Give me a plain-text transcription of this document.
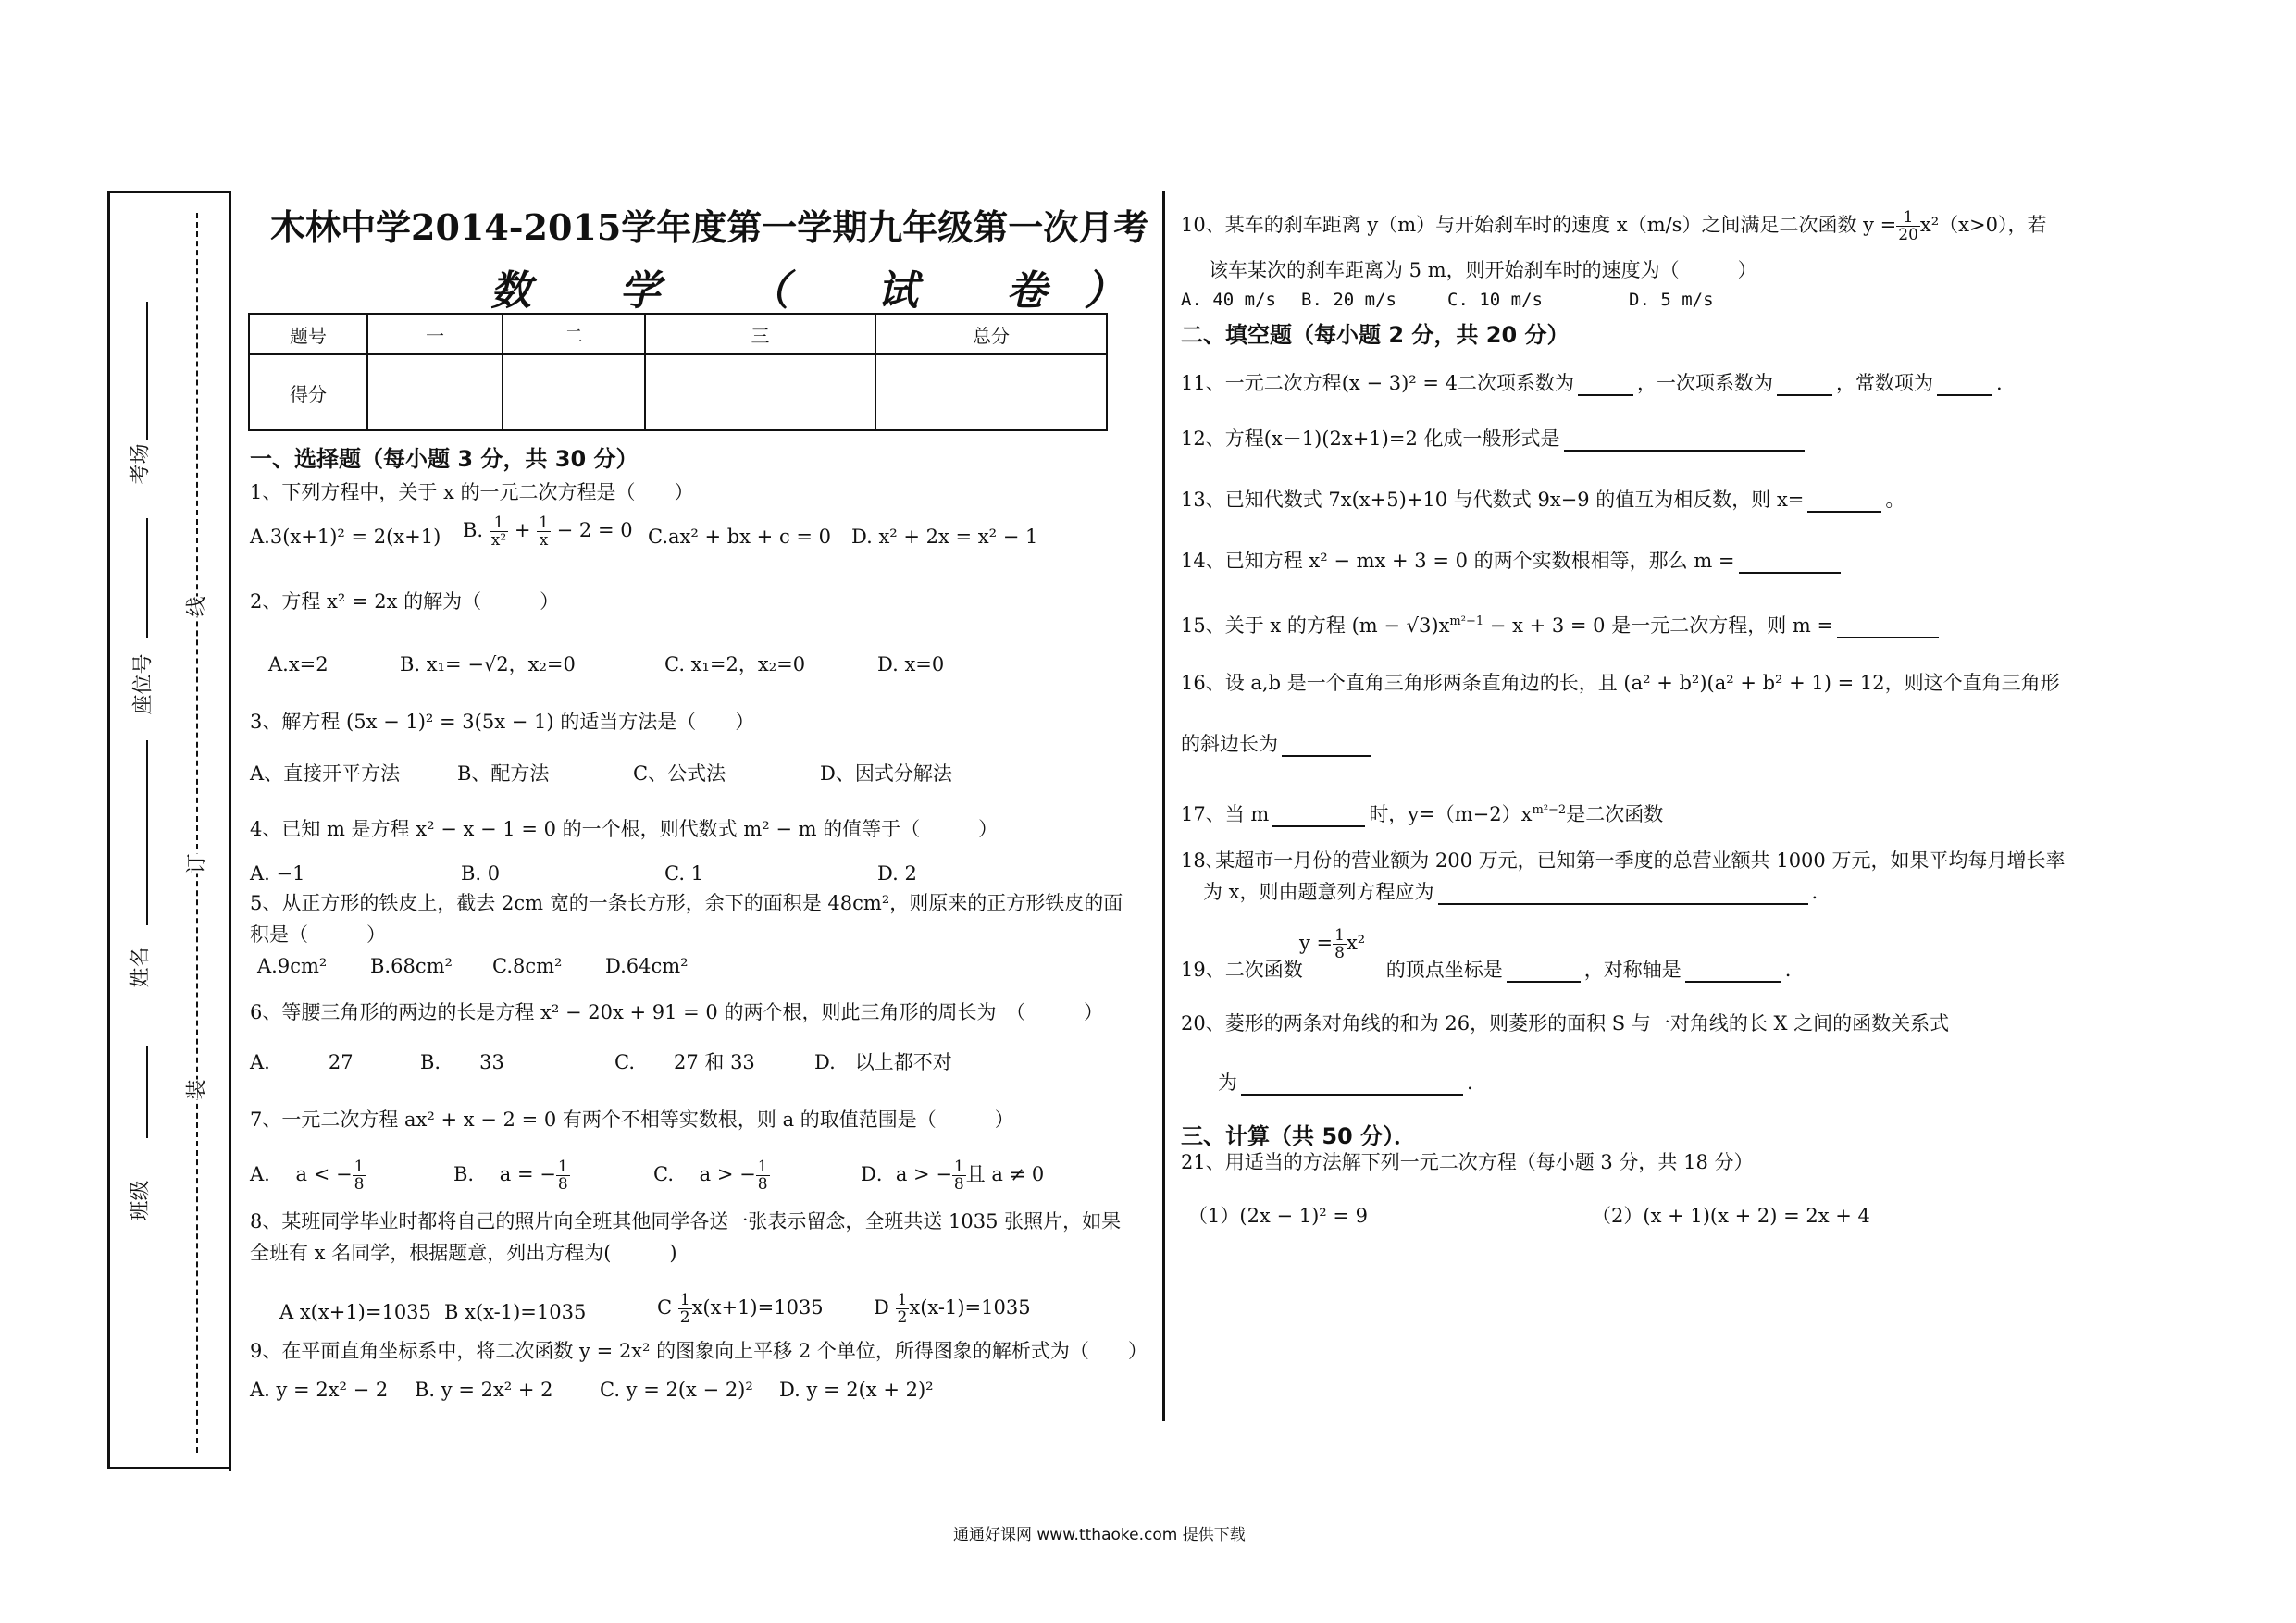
考场
座位号
姓名
班级
线
订
装
木林中学2014-2015学年度第一学期九年级第一次月考
数 学 （ 试 卷）
题号	一	二	三	总分
得分				
一、选择题（每小题 3 分，共 30 分）
1、下列方程中，关于 x 的一元二次方程是（　　）
A.3(x+1)² = 2(x+1) B. $\frac{1}{\text{x²}} + \frac{1}{x} - 2 = 0$ C.ax² + bx + c = 0 D. x² + 2x = x² − 1
2、方程 x² = 2x 的解为（　　　）
A.x=2	B. x₁= −√2，x₂=0	C. x₁=2，x₂=0	D. x=0
3、解方程 (5x − 1)² = 3(5x − 1) 的适当方法是（　　）
A、直接开平方法	B、配方法	C、公式法	D、因式分解法
4、已知 m 是方程 x² − x − 1 = 0 的一个根，则代数式 m² − m 的值等于（　　　）
A. −1	B. 0	C. 1	D. 2
5、从正方形的铁皮上，截去 2cm 宽的一条长方形，余下的面积是 48cm²，则原来的正方形铁皮的面
积是（　　　）
A.9cm² B.68cm² C.8cm² D.64cm²
6、等腰三角形的两边的长是方程 x² − 20x + 91 = 0 的两个根，则此三角形的周长为　（　　　）
A.　　　27	B.　　33	C.　　27 和 33	D.　以上都不对
7、一元二次方程 ax² + x − 2 = 0 有两个不相等实数根，则 a 的取值范围是（　　　）
A.　 a < − $\frac{1}{8}$	B.　 a = − $\frac{1}{8}$	C.　 a > − $\frac{1}{8}$	D．a > − $\frac{1}{8}$ 且 a ≠ 0
8、某班同学毕业时都将自己的照片向全班其他同学各送一张表示留念，全班共送 1035 张照片，如果
全班有 x 名同学，根据题意，列出方程为(　　　)
A x(x+1)=1035 B x(x-1)=1035	C $\frac{1}{2} x(x+1)=1035$	D $\frac{1}{2} x(x-1)=1035$
9、在平面直角坐标系中，将二次函数 y = 2x² 的图象向上平移 2 个单位，所得图象的解析式为（　　）
A. y = 2x² − 2 B. y = 2x² + 2 C. y = 2(x − 2)² D. y = 2(x + 2)²
10、某车的刹车距离 y（m）与开始刹车时的速度 x（m/s）之间满足二次函数 $y = \frac{1}{20} x^2(x>0)$，若
该车某次的刹车距离为 5 m，则开始刹车时的速度为（　　　）
A. 40 m/s B. 20 m/s	C. 10 m/s	D. 5 m/s
二、填空题（每小题 2 分，共 20 分）
11、一元二次方程(x − 3)² = 4二次项系数为	，一次项系数为	，常数项为	.
12、方程(x－1)(2x+1)=2 化成一般形式是
13、已知代数式 7x(x+5)+10 与代数式 9x−9 的值互为相反数，则 x=	。
14、已知方程 x² − mx + 3 = 0 的两个实数根相等，那么 m =
15、关于 x 的方程 $(m - √3)x^{m^2-1} - x + 3 = 0$ 是一元二次方程，则 m =
16、设 a,b 是一个直角三角形两条直角边的长，且 (a² + b²)(a² + b² + 1) = 12，则这个直角三角形
的斜边长为
17、当 m	时，$y=(m-2)x^{m^2-2}$是二次函数
18､某超市一月份的营业额为 200 万元，已知第一季度的总营业额共 1000 万元，如果平均每月增长率
为 x，则由题意列方程应为	.
$y = \frac{1}{8} x^2$
19、二次函数	的顶点坐标是	，对称轴是	.
20、菱形的两条对角线的和为 26，则菱形的面积 S 与一对角线的长 X 之间的函数关系式
为	.
三、计算（共 50 分）．
21、用适当的方法解下列一元二次方程（每小题 3 分，共 18 分）
（1）(2x − 1)² = 9	（2）(x + 1)(x + 2) = 2x + 4
通通好课网 www.tthaoke.com 提供下载
